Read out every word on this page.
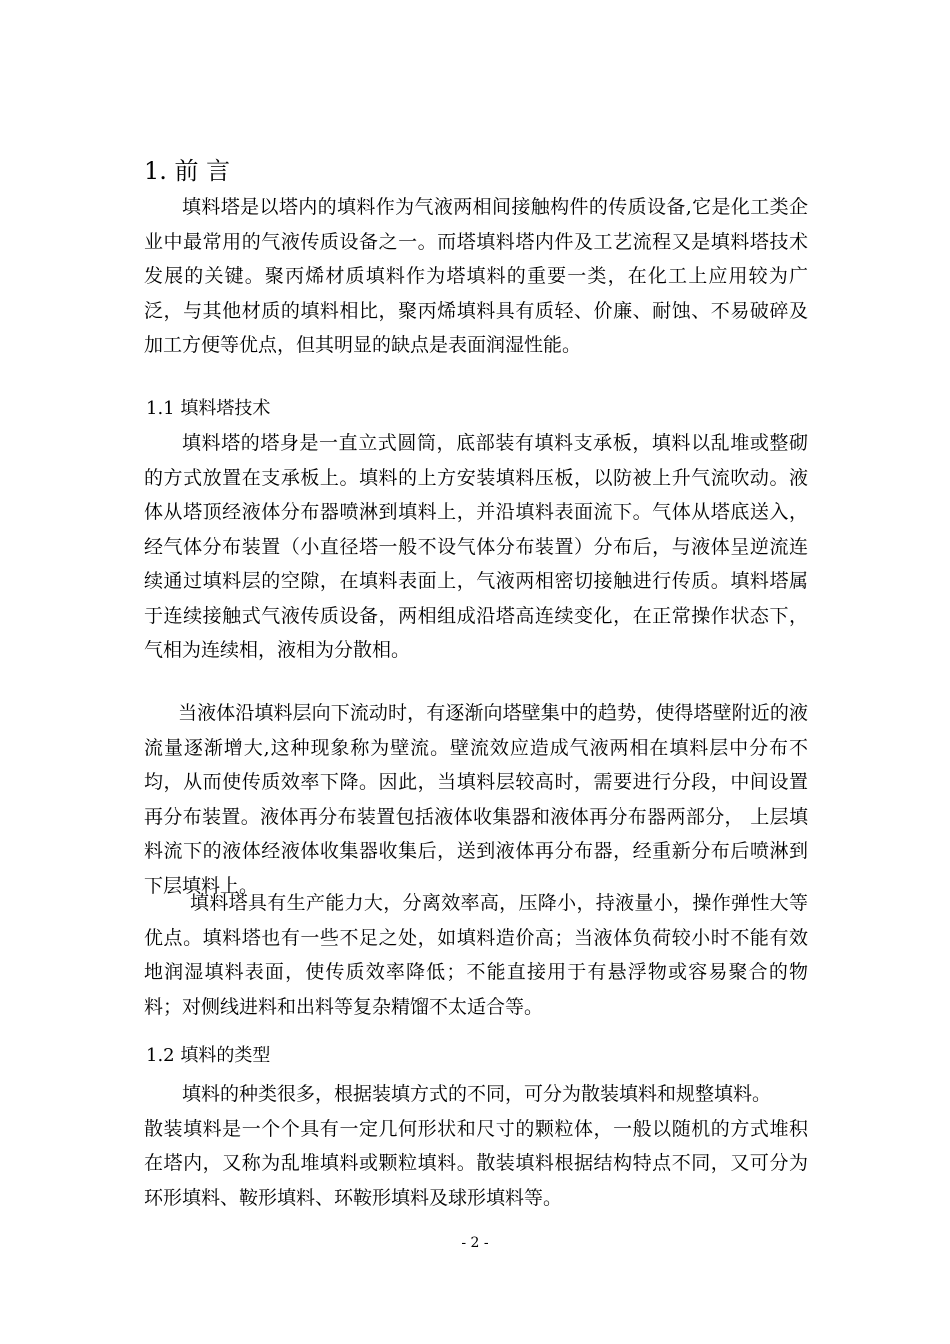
1. 前 言

填料塔是以塔内的填料作为气液两相间接触构件的传质设备,它是化工类企业中最常用的气液传质设备之一。而塔填料塔内件及工艺流程又是填料塔技术发展的关键。聚丙烯材质填料作为塔填料的重要一类，在化工上应用较为广泛，与其他材质的填料相比，聚丙烯填料具有质轻、价廉、耐蚀、不易破碎及加工方便等优点，但其明显的缺点是表面润湿性能。

1.1 填料塔技术

填料塔的塔身是一直立式圆筒，底部装有填料支承板，填料以乱堆或整砌的方式放置在支承板上。填料的上方安装填料压板，以防被上升气流吹动。液体从塔顶经液体分布器喷淋到填料上，并沿填料表面流下。气体从塔底送入，经气体分布装置（小直径塔一般不设气体分布装置）分布后，与液体呈逆流连续通过填料层的空隙，在填料表面上，气液两相密切接触进行传质。填料塔属于连续接触式气液传质设备，两相组成沿塔高连续变化，在正常操作状态下，气相为连续相，液相为分散相。

当液体沿填料层向下流动时，有逐渐向塔壁集中的趋势，使得塔壁附近的液流量逐渐增大,这种现象称为壁流。壁流效应造成气液两相在填料层中分布不均，从而使传质效率下降。因此，当填料层较高时，需要进行分段，中间设置再分布装置。液体再分布装置包括液体收集器和液体再分布器两部分， 上层填料流下的液体经液体收集器收集后，送到液体再分布器，经重新分布后喷淋到下层填料上。

填料塔具有生产能力大，分离效率高，压降小，持液量小，操作弹性大等优点。填料塔也有一些不足之处，如填料造价高；当液体负荷较小时不能有效地润湿填料表面，使传质效率降低；不能直接用于有悬浮物或容易聚合的物料；对侧线进料和出料等复杂精馏不太适合等。

1.2 填料的类型

填料的种类很多，根据装填方式的不同，可分为散装填料和规整填料。

散装填料是一个个具有一定几何形状和尺寸的颗粒体，一般以随机的方式堆积在塔内，又称为乱堆填料或颗粒填料。散装填料根据结构特点不同，又可分为环形填料、鞍形填料、环鞍形填料及球形填料等。

- 2 -
